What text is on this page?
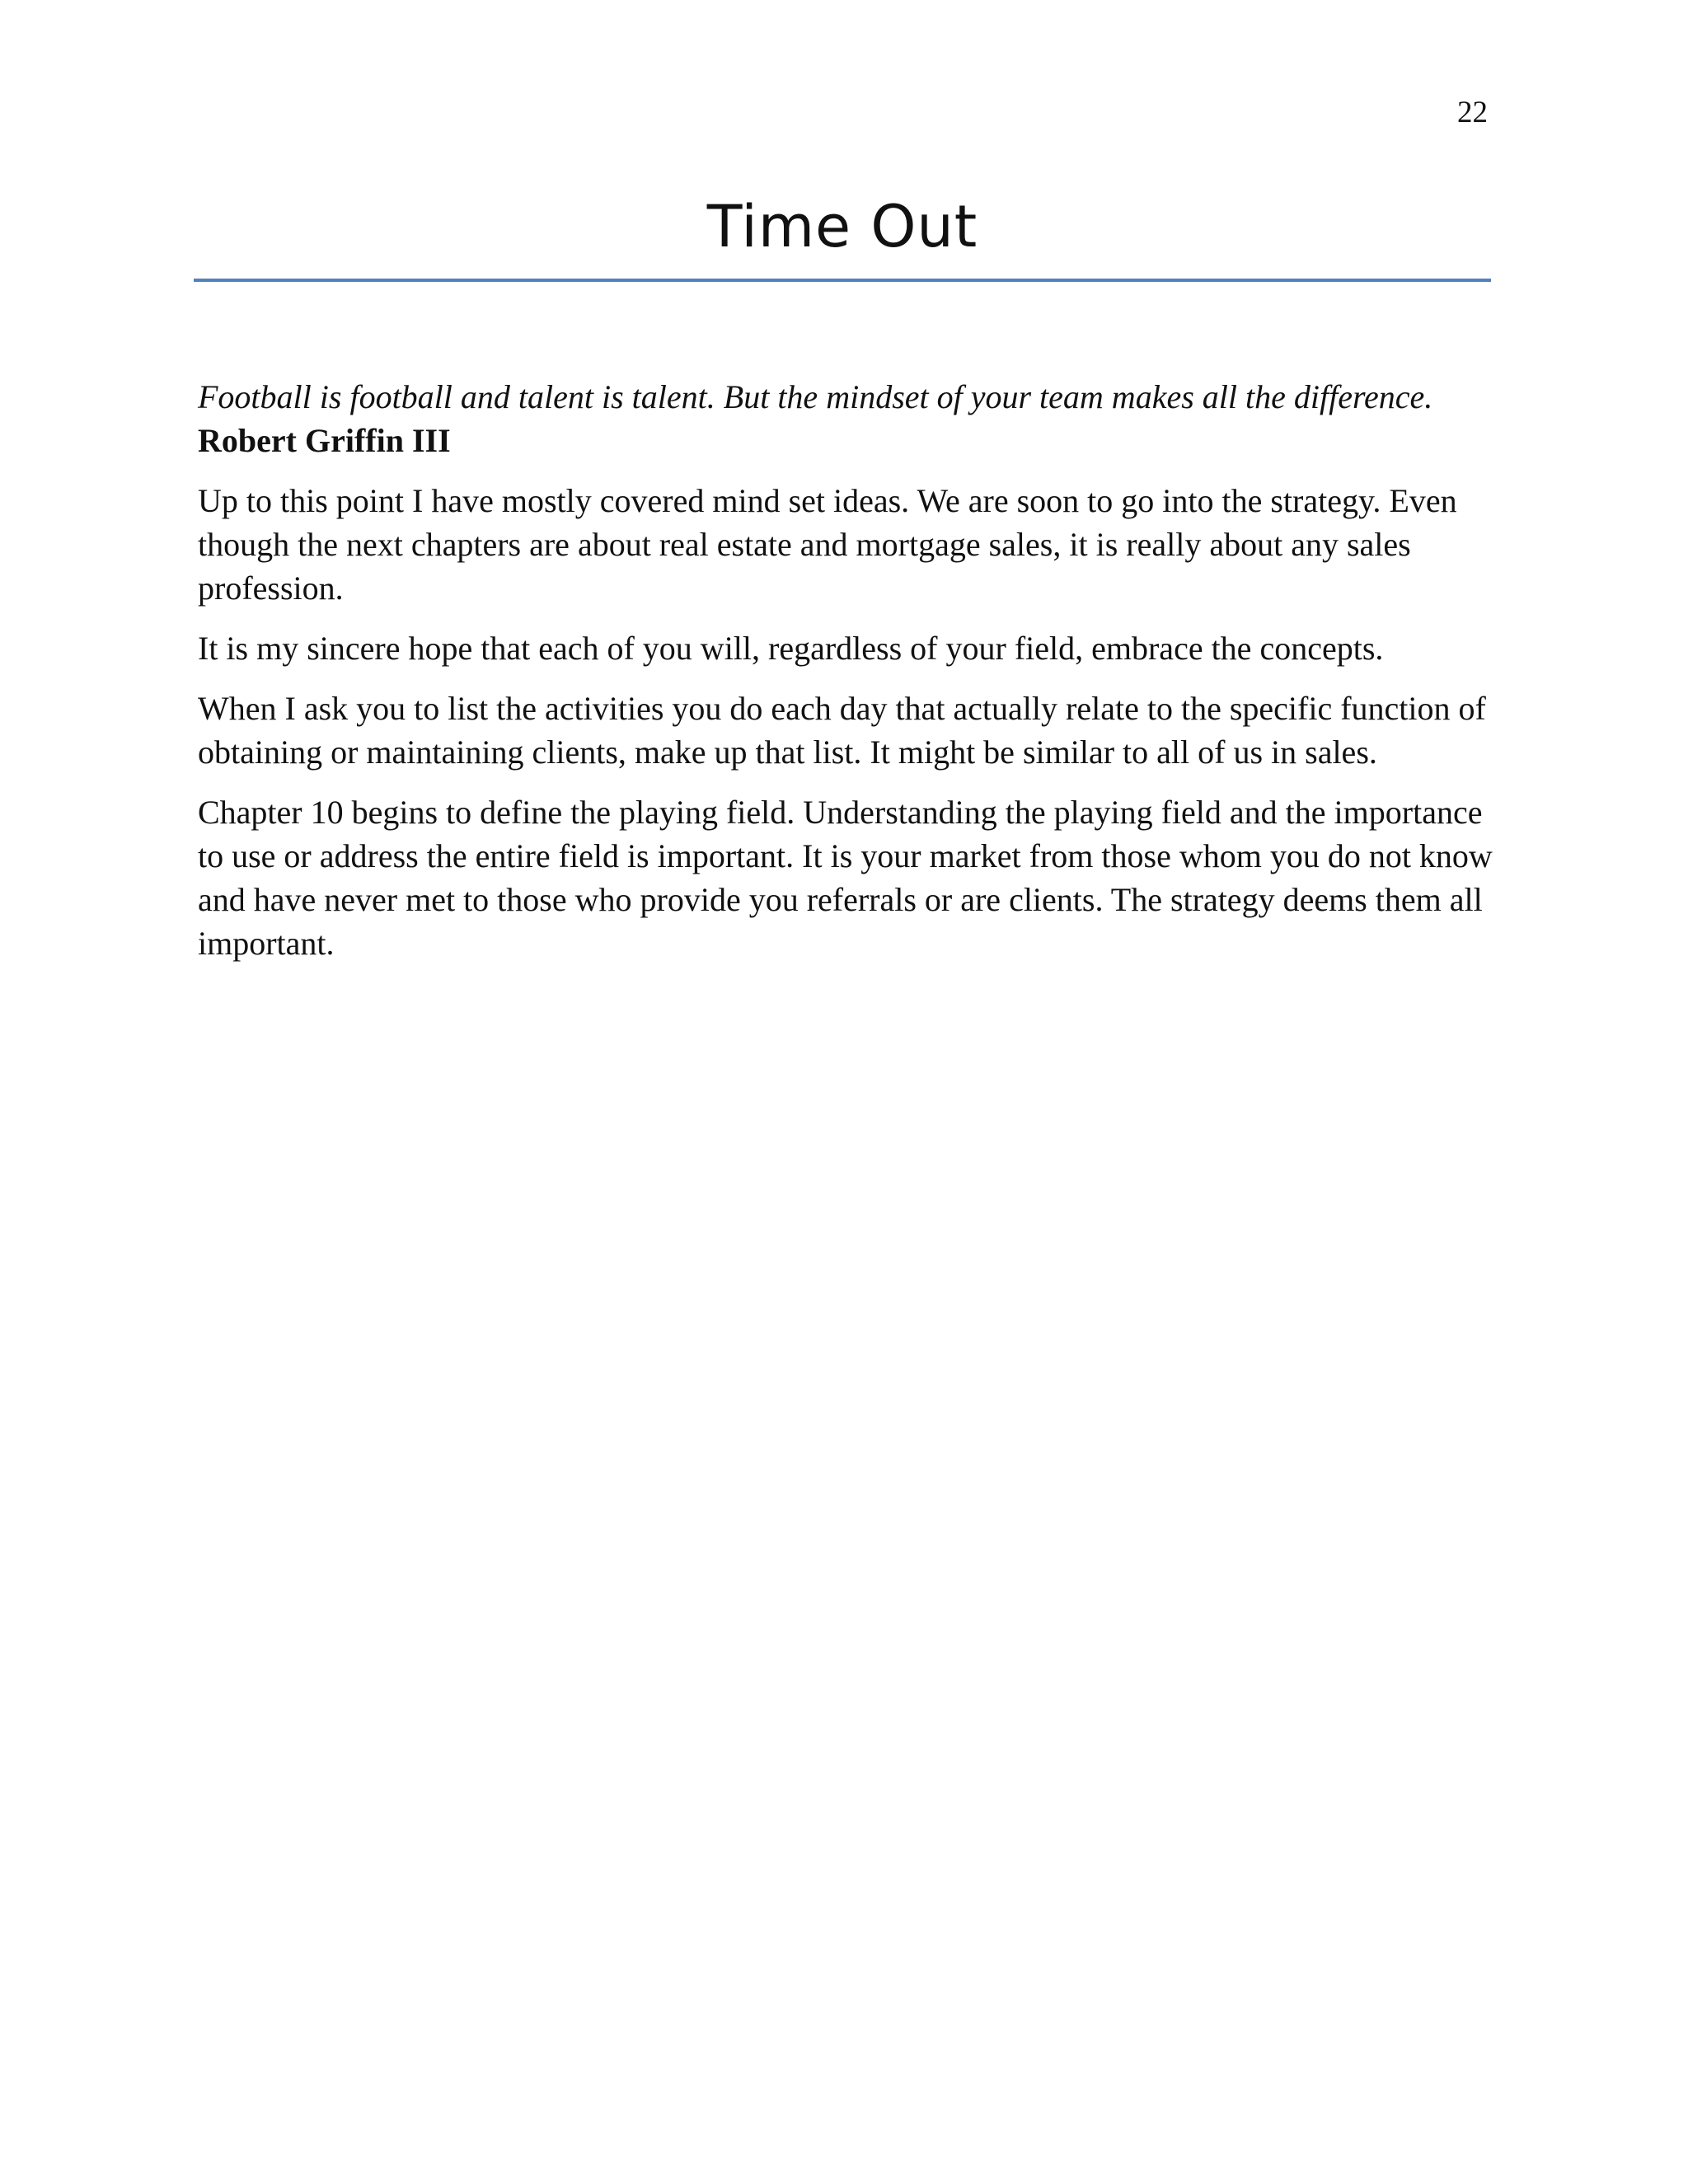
22
Time Out

Football is football and talent is talent. But the mindset of your team makes all the difference.

Robert Griffin III

Up to this point I have mostly covered mind set ideas. We are soon to go into the strategy. Even though the next chapters are about real estate and mortgage sales, it is really about any sales profession.

It is my sincere hope that each of you will, regardless of your field, embrace the concepts.

When I ask you to list the activities you do each day that actually relate to the specific function of obtaining or maintaining clients, make up that list. It might be similar to all of us in sales.

Chapter 10 begins to define the playing field. Understanding the playing field and the importance to use or address the entire field is important. It is your market from those whom you do not know and have never met to those who provide you referrals or are clients. The strategy deems them all important.
